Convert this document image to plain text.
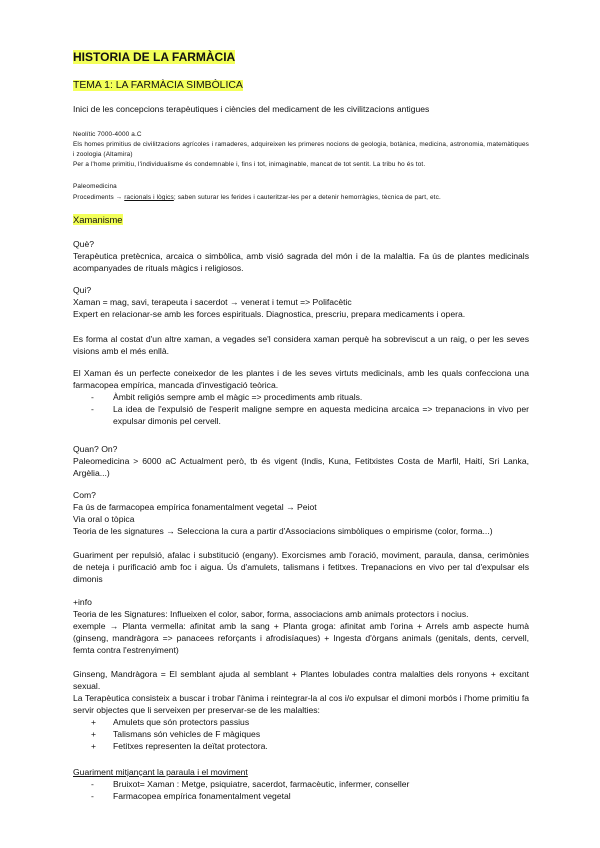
HISTORIA DE LA FARMÀCIA
TEMA 1: LA FARMÀCIA SIMBÒLICA
Inici de les concepcions terapèutiques i ciències del medicament de les civilitzacions antigues
Neolític 7000-4000 a.C
Els homes primitius de civilitzacions agrícoles i ramaderes, adquireixen les primeres nocions de geologia, botànica, medicina, astronomia, matemàtiques i zoologia (Altamira)
Per a l'home primitiu, l'individualisme és condemnable i, fins i tot, inimaginable, mancat de tot sentit. La tribu ho és tot.
Paleomedicina
Procediments → racionals i lògics; saben suturar les ferides i cauteritzar-les per a detenir hemorràgies, tècnica de part, etc.
Xamanisme
Què?
Terapèutica pretècnica, arcaica o simbòlica, amb visió sagrada del món i de la malaltia. Fa ús de plantes medicinals acompanyades de rituals màgics i religiosos.
Qui?
Xaman = mag, savi, terapeuta i sacerdot → venerat i temut => Polifacètic
Expert en relacionar-se amb les forces espirituals. Diagnostica, prescriu, prepara medicaments i opera.
Es forma al costat d'un altre xaman, a vegades se'l considera xaman perquè ha sobreviscut a un raig, o per les seves visions amb el més enllà.
El Xaman és un perfecte coneixedor de les plantes i de les seves virtuts medicinals, amb les quals confecciona una farmacopea empírica, mancada d'investigació teòrica.
- Àmbit religiós sempre amb el màgic => procediments amb rituals.
- La idea de l'expulsió de l'esperit maligne sempre en aquesta medicina arcaica => trepanacions in vivo per expulsar dimonis pel cervell.
Quan? On?
Paleomedicina > 6000 aC Actualment però, tb és vigent (Indis, Kuna, Fetitxistes Costa de Marfil, Haití, Sri Lanka, Argèlia...)
Com?
Fa ús de farmacopea empírica fonamentalment vegetal → Peiot
Via oral o tòpica
Teoria de les signatures → Selecciona la cura a partir d'Associacions simbòliques o empirisme (color, forma...)
Guariment per repulsió, afalac i substitució (engany). Exorcismes amb l'oració, moviment, paraula, dansa, cerimònies de neteja i purificació amb foc i aigua. Ús d'amulets, talismans i fetitxes. Trepanacions en vivo per tal d'expulsar els dimonis
+info
Teoria de les Signatures: Influeixen el color, sabor, forma, associacions amb animals protectors i nocius.
exemple → Planta vermella: afinitat amb la sang + Planta groga: afinitat amb l'orina + Arrels amb aspecte humà (ginseng, mandràgora => panacees reforçants i afrodisíaques) + Ingesta d'òrgans animals (genitals, dents, cervell, femta contra l'estrenyiment)
Ginseng, Mandràgora = El semblant ajuda al semblant + Plantes lobulades contra malalties dels ronyons + excitant sexual.
La Terapèutica consisteix a buscar i trobar l'ànima i reintegrar-la al cos i/o expulsar el dimoni morbós i l'home primitiu fa servir objectes que li serveixen per preservar-se de les malalties:
+ Amulets que són protectors passius
+ Talismans són vehicles de F màgiques
+ Fetitxes representen la deïtat protectora.
Guariment mitjançant la paraula i el moviment
- Bruixot= Xaman : Metge, psiquiatre, sacerdot, farmacèutic, infermer, conseller
- Farmacopea empírica fonamentalment vegetal
